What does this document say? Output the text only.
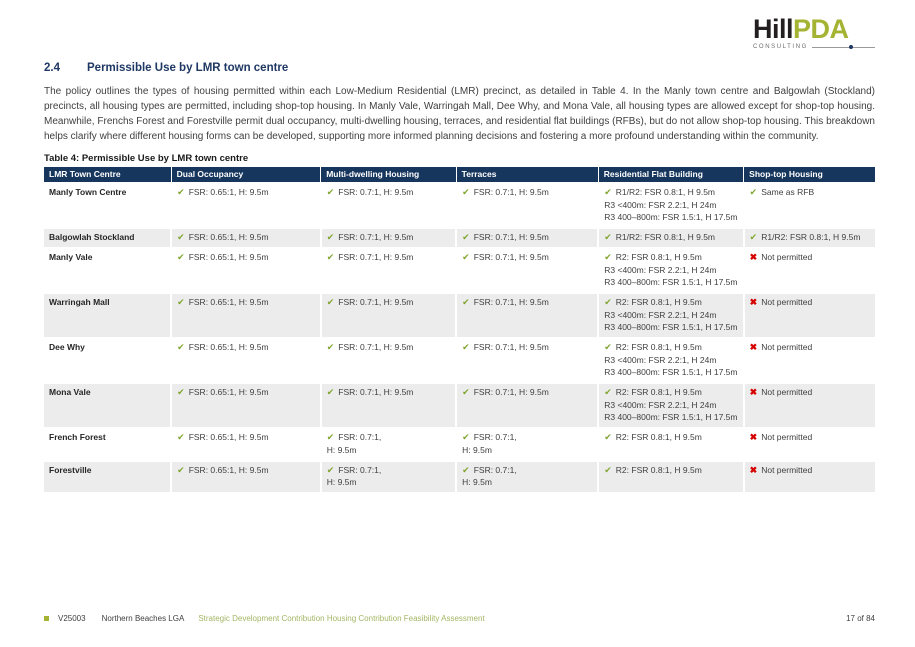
HillPDA
CONSULTING
2.4 Permissible Use by LMR town centre

The policy outlines the types of housing permitted within each Low-Medium Residential (LMR) precinct, as detailed in Table 4. In the Manly town centre and Balgowlah (Stockland) precincts, all housing types are permitted, including shop-top housing. In Manly Vale, Warringah Mall, Dee Why, and Mona Vale, all housing types are allowed except for shop-top housing. Meanwhile, Frenchs Forest and Forestville permit dual occupancy, multi-dwelling housing, terraces, and residential flat buildings (RFBs), but do not allow shop-top housing. This breakdown helps clarify where different housing forms can be developed, supporting more informed planning decisions and fostering a more profound understanding within the community.

Table 4: Permissible Use by LMR town centre

LMR Town Centre	Dual Occupancy	Multi-dwelling Housing	Terraces	Residential Flat Building	Shop-top Housing
Manly Town Centre	✔ FSR: 0.65:1, H: 9.5m	✔ FSR: 0.7:1, H: 9.5m	✔ FSR: 0.7:1, H: 9.5m	✔ R1/R2: FSR 0.8:1, H 9.5m
R3 <400m: FSR 2.2:1, H 24m
R3 400–800m: FSR 1.5:1, H 17.5m	✔ Same as RFB

Balgowlah Stockland	✔ FSR: 0.65:1, H: 9.5m	✔ FSR: 0.7:1, H: 9.5m	✔ FSR: 0.7:1, H: 9.5m	✔ R1/R2: FSR 0.8:1, H 9.5m	✔ R1/R2: FSR 0.8:1, H 9.5m

Manly Vale	✔ FSR: 0.65:1, H: 9.5m	✔ FSR: 0.7:1, H: 9.5m	✔ FSR: 0.7:1, H: 9.5m	✔ R2: FSR 0.8:1, H 9.5m
R3 <400m: FSR 2.2:1, H 24m
R3 400–800m: FSR 1.5:1, H 17.5m	✖ Not permitted

Warringah Mall	✔ FSR: 0.65:1, H: 9.5m	✔ FSR: 0.7:1, H: 9.5m	✔ FSR: 0.7:1, H: 9.5m	✔ R2: FSR 0.8:1, H 9.5m
R3 <400m: FSR 2.2:1, H 24m
R3 400–800m: FSR 1.5:1, H 17.5m	✖ Not permitted

Dee Why	✔ FSR: 0.65:1, H: 9.5m	✔ FSR: 0.7:1, H: 9.5m	✔ FSR: 0.7:1, H: 9.5m	✔ R2: FSR 0.8:1, H 9.5m
R3 <400m: FSR 2.2:1, H 24m
R3 400–800m: FSR 1.5:1, H 17.5m	✖ Not permitted

Mona Vale	✔ FSR: 0.65:1, H: 9.5m	✔ FSR: 0.7:1, H: 9.5m	✔ FSR: 0.7:1, H: 9.5m	✔ R2: FSR 0.8:1, H 9.5m
R3 <400m: FSR 2.2:1, H 24m
R3 400–800m: FSR 1.5:1, H 17.5m	✖ Not permitted

French Forest	✔ FSR: 0.65:1, H: 9.5m	✔ FSR: 0.7:1,
H: 9.5m

✔ FSR: 0.7:1,
H: 9.5m

✔ R2: FSR 0.8:1, H 9.5m	✖ Not permitted

Forestville	✔ FSR: 0.65:1, H: 9.5m	✔ FSR: 0.7:1,
H: 9.5m

✔ FSR: 0.7:1,
H: 9.5m

✔ R2: FSR 0.8:1, H 9.5m	✖ Not permitted
V25003 Northern Beaches LGA Strategic Development Contribution Housing Contribution Feasibility Assessment	17 of 84
